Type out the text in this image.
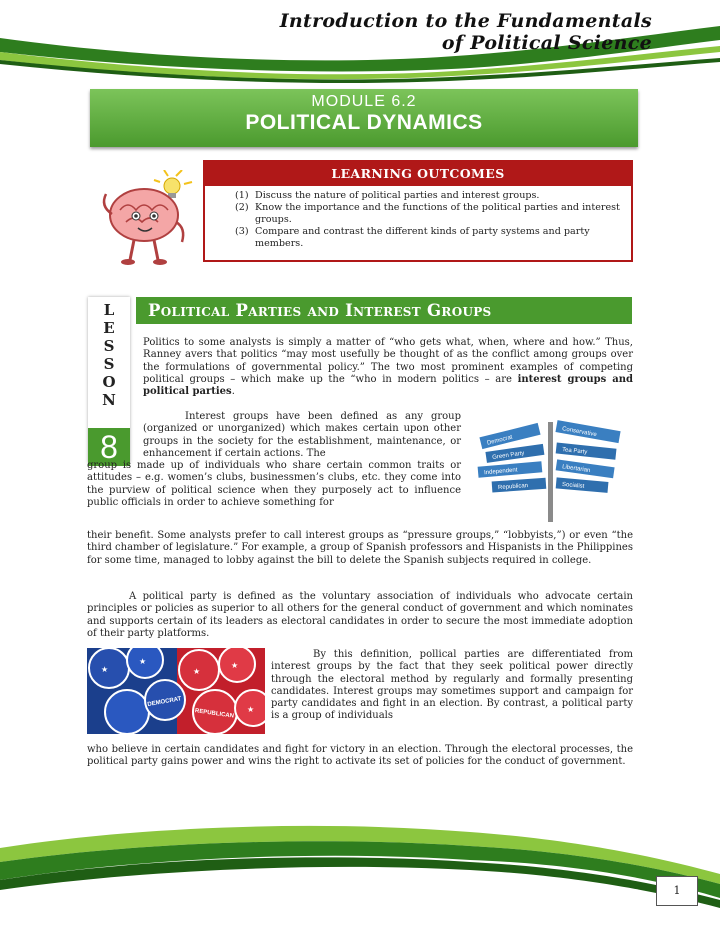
Introduction to the Fundamentals
of Political Science
MODULE 6.2
POLITICAL DYNAMICS
LEARNING OUTCOMES
(1) Discuss the nature of political parties and interest groups.
(2) Know the importance and the functions of the political parties and interest groups.
(3) Compare and contrast the different kinds of party systems and party members.
L
E
S
S
O
N
8
Political Parties and Interest Groups
Politics to some analysts is simply a matter of “who gets what, when, where and how.” Thus, Ranney avers that politics “may most usefully be thought of as the conflict among groups over the formulations of governmental policy.” The two most prominent examples of competing political groups – which make up the “who in modern politics – are interest groups and political parties.
Interest groups have been defined as any group (organized or unorganized) which makes certain upon other groups in the society for the establishment, maintenance, or enhancement if certain actions. The
Democrat
Conservative
Green Party	Tea Party
Independent	Libertarian
Republican	Socialist
group is made up of individuals who share certain common traits or attitudes – e.g. women’s clubs, businessmen’s clubs, etc. they come into the purview of political science when they purposely act to influence public officials in order to achieve something for
their benefit. Some analysts prefer to call interest groups as “pressure groups,” “lobbyists,”) or even “the third chamber of legislature.” For example, a group of Spanish professors and Hispanists in the Philippines for some time, managed to lobby against the bill to delete the Spanish subjects required in college.
A political party is defined as the voluntary association of individuals who advocate certain principles or policies as superior to all others for the general conduct of government and which nominates and supports certain of its leaders as electoral candidates in order to secure the most immediate adoption of their party platforms.
★
★
★
★
★
DEMOCRAT
REPUBLICAN
By this definition, pollical parties are differentiated from interest groups by the fact that they seek political power directly through the electoral method by regularly and formally presenting candidates. Interest groups may sometimes support and campaign for party candidates and fight in an election. By contrast, a political party is a group of individuals
who believe in certain candidates and fight for victory in an election. Through the electoral processes, the political party gains power and wins the right to activate its set of policies for the conduct of government.
1
